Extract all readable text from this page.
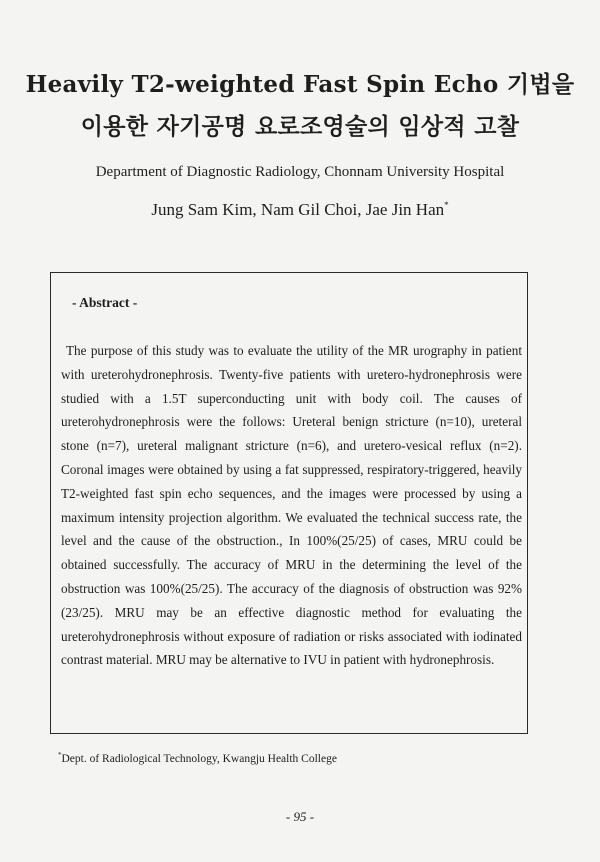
Heavily T2-weighted Fast Spin Echo 기법을
이용한 자기공명 요로조영술의 임상적 고찰
Department of Diagnostic Radiology, Chonnam University Hospital
Jung Sam Kim, Nam Gil Choi, Jae Jin Han*
- Abstract -
The purpose of this study was to evaluate the utility of the MR urography in patient with ureterohydronephrosis. Twenty-five patients with uretero-hydronephrosis were studied with a 1.5T superconducting unit with body coil. The causes of ureterohydronephrosis were the follows: Ureteral benign stricture (n=10), ureteral stone (n=7), ureteral malignant stricture (n=6), and uretero-vesical reflux (n=2). Coronal images were obtained by using a fat suppressed, respiratory-triggered, heavily T2-weighted fast spin echo sequences, and the images were processed by using a maximum intensity projection algorithm. We evaluated the technical success rate, the level and the cause of the obstruction., In 100%(25/25) of cases, MRU could be obtained successfully. The accuracy of MRU in the determining the level of the obstruction was 100%(25/25). The accuracy of the diagnosis of obstruction was 92%(23/25). MRU may be an effective diagnostic method for evaluating the ureterohydronephrosis without exposure of radiation or risks associated with iodinated contrast material. MRU may be alternative to IVU in patient with hydronephrosis.
*Dept. of Radiological Technology, Kwangju Health College
- 95 -
